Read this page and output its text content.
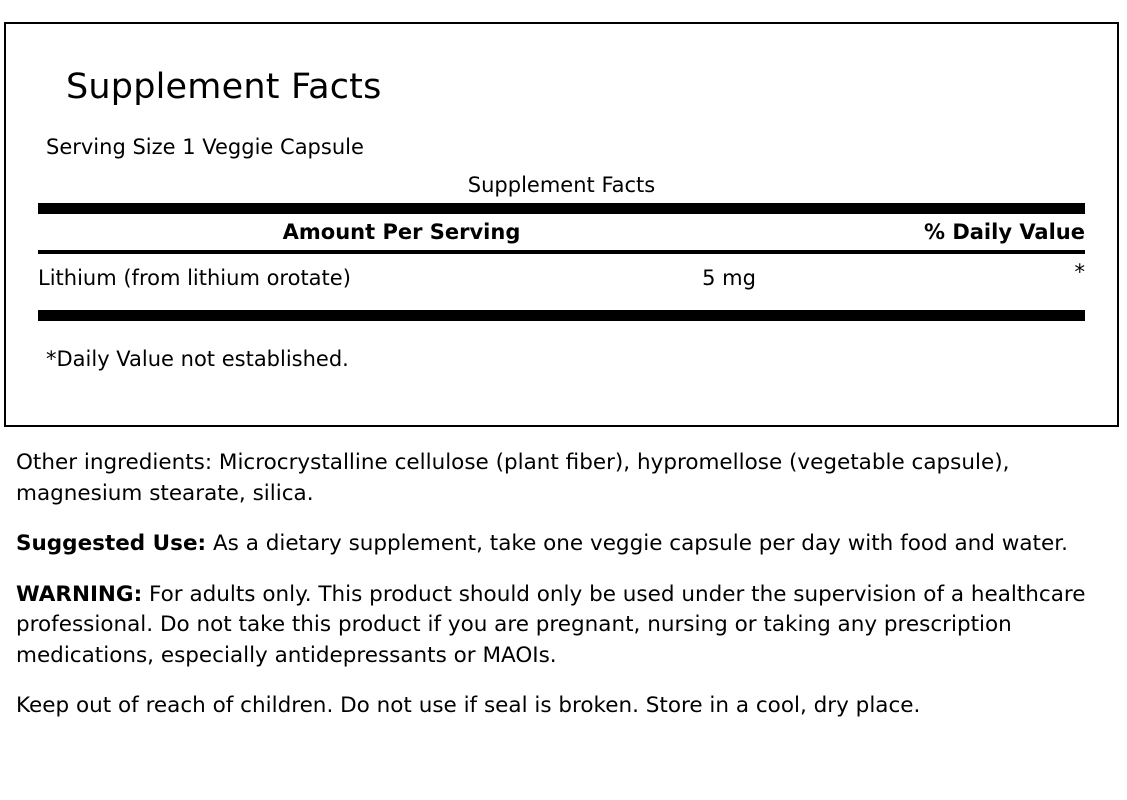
Supplement Facts
Serving Size 1 Veggie Capsule
Supplement Facts
Amount Per Serving	% Daily Value
Lithium (from lithium orotate)	5 mg	*
*Daily Value not established.

Other ingredients: Microcrystalline cellulose (plant fiber), hypromellose (vegetable capsule), magnesium stearate, silica.

Suggested Use: As a dietary supplement, take one veggie capsule per day with food and water.

WARNING: For adults only. This product should only be used under the supervision of a healthcare professional. Do not take this product if you are pregnant, nursing or taking any prescription medications, especially antidepressants or MAOIs.

Keep out of reach of children. Do not use if seal is broken. Store in a cool, dry place.
